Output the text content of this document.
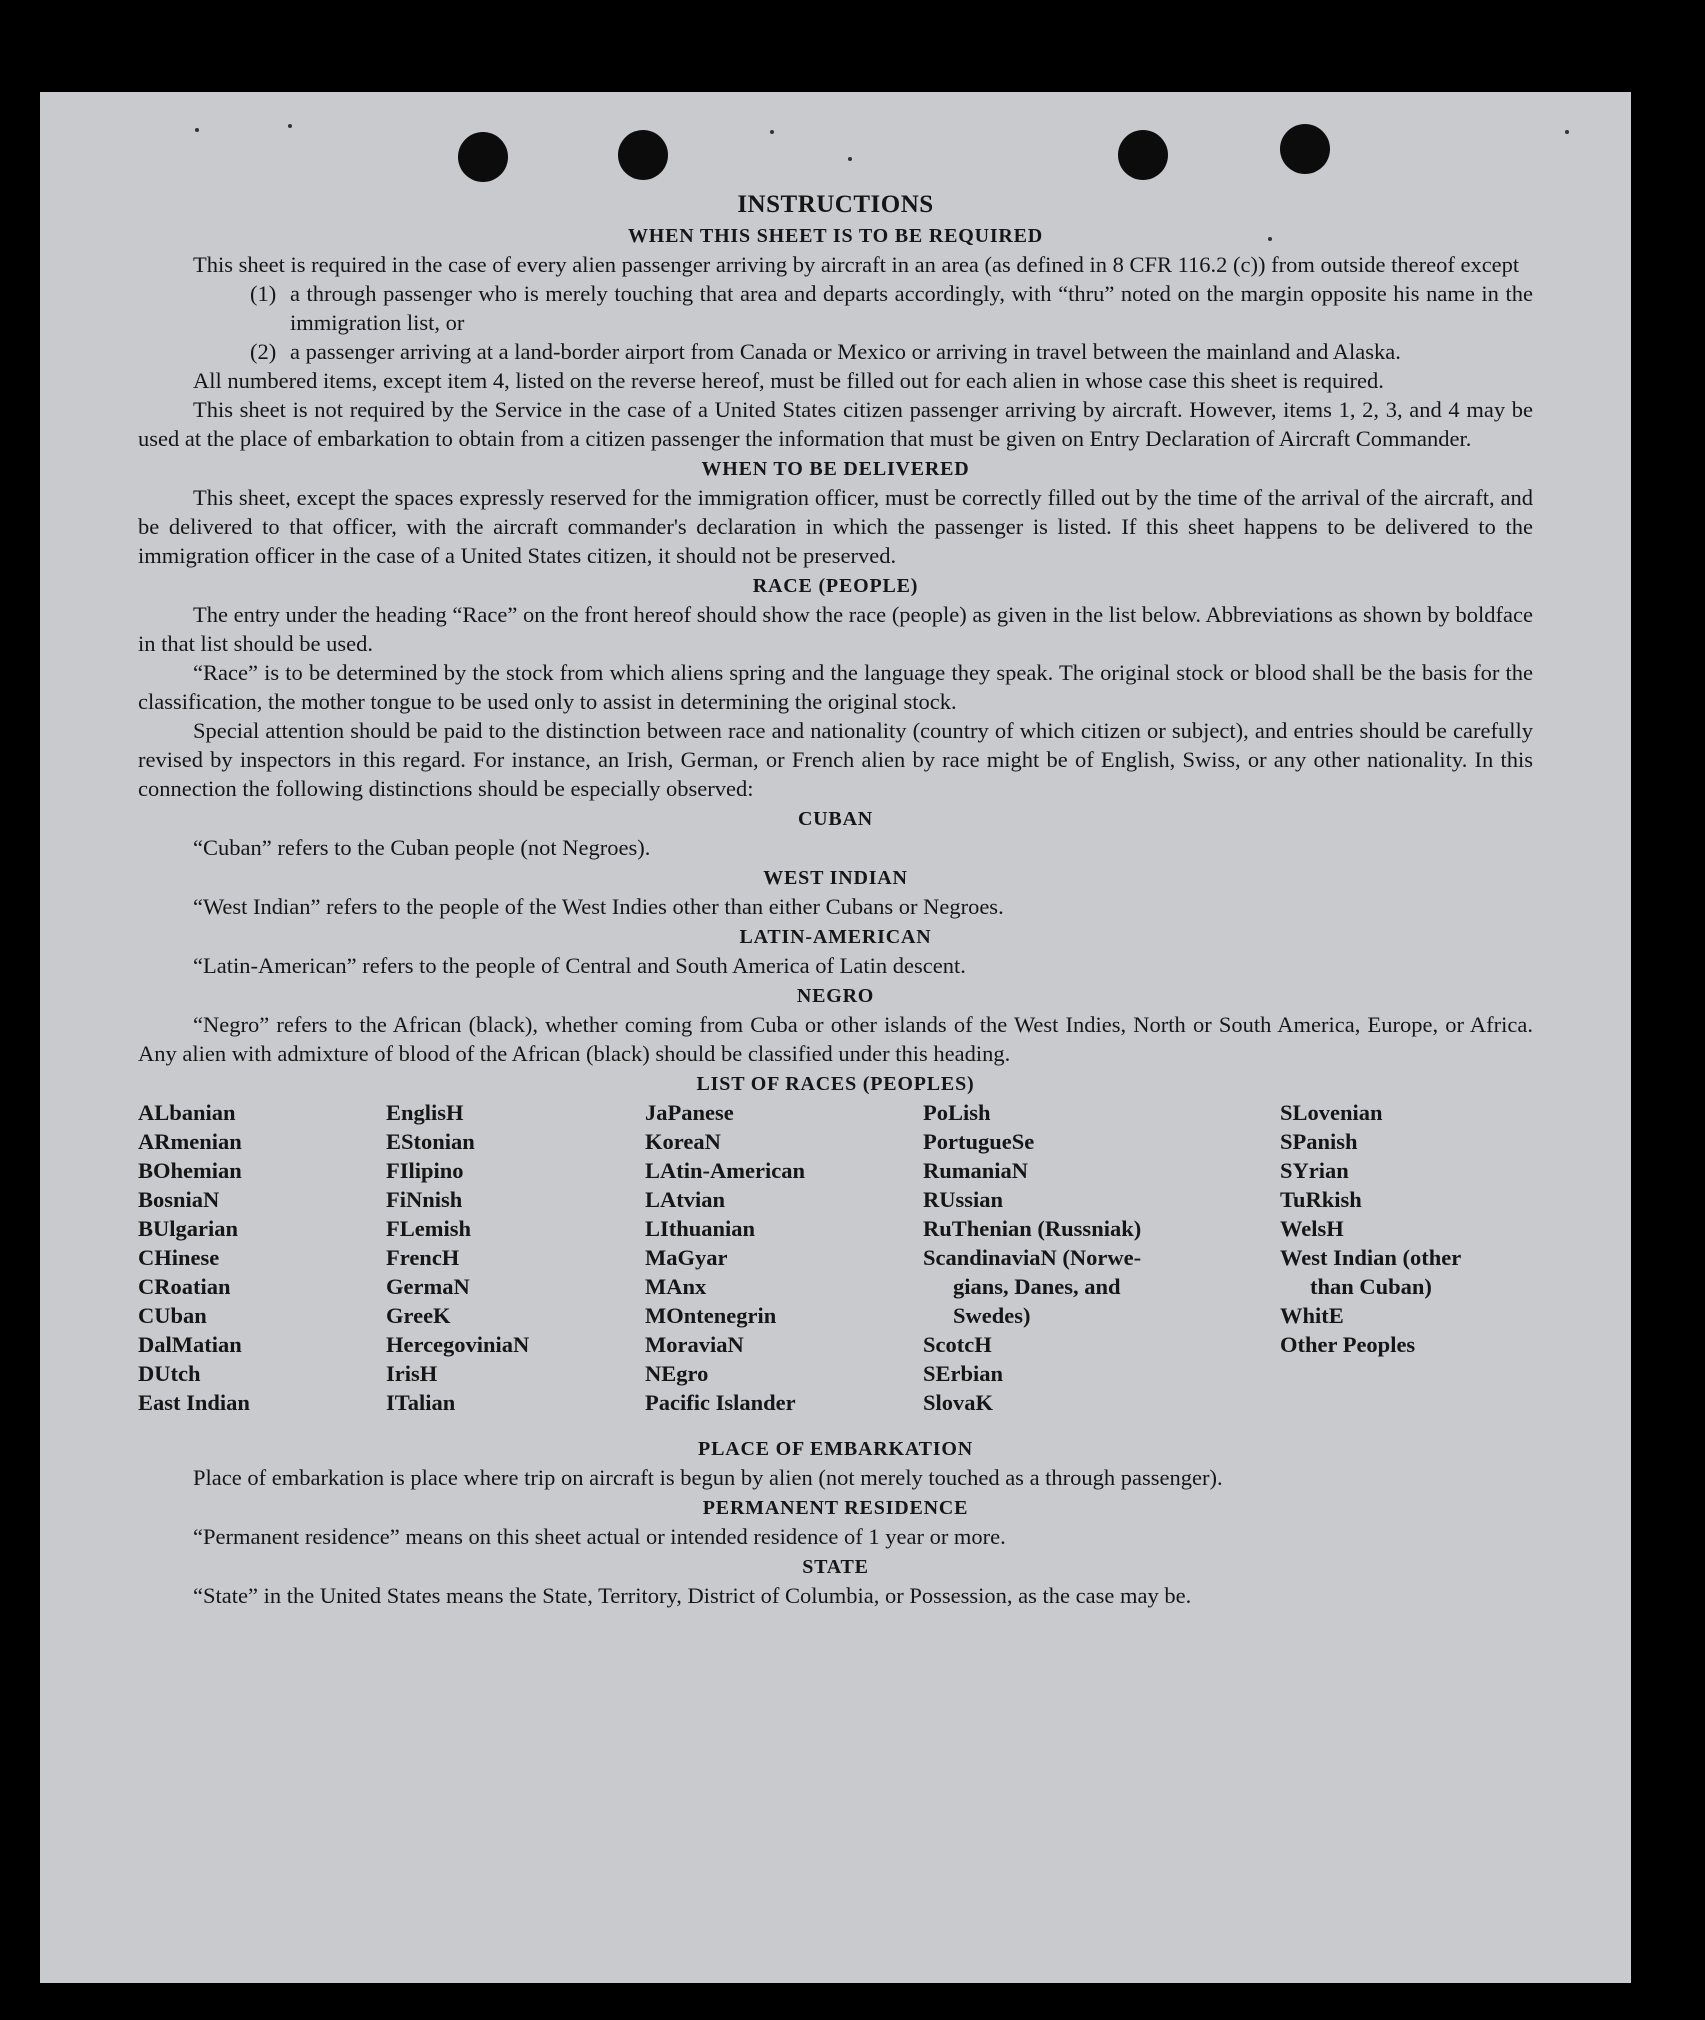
INSTRUCTIONS
WHEN THIS SHEET IS TO BE REQUIRED

This sheet is required in the case of every alien passenger arriving by aircraft in an area (as defined in 8 CFR 116.2 (c)) from outside thereof except

(1) a through passenger who is merely touching that area and departs accordingly, with “thru” noted on the margin opposite his name in the immigration list, or
(2) a passenger arriving at a land-border airport from Canada or Mexico or arriving in travel between the mainland and Alaska.

All numbered items, except item 4, listed on the reverse hereof, must be filled out for each alien in whose case this sheet is required.

This sheet is not required by the Service in the case of a United States citizen passenger arriving by aircraft. However, items 1, 2, 3, and 4 may be used at the place of embarkation to obtain from a citizen passenger the information that must be given on Entry Declaration of Aircraft Commander.

WHEN TO BE DELIVERED

This sheet, except the spaces expressly reserved for the immigration officer, must be correctly filled out by the time of the arrival of the aircraft, and be delivered to that officer, with the aircraft commander's declaration in which the passenger is listed. If this sheet happens to be delivered to the immigration officer in the case of a United States citizen, it should not be preserved.

RACE (PEOPLE)

The entry under the heading “Race” on the front hereof should show the race (people) as given in the list below. Abbreviations as shown by boldface in that list should be used.

“Race” is to be determined by the stock from which aliens spring and the language they speak. The original stock or blood shall be the basis for the classification, the mother tongue to be used only to assist in determining the original stock.

Special attention should be paid to the distinction between race and nationality (country of which citizen or subject), and entries should be carefully revised by inspectors in this regard. For instance, an Irish, German, or French alien by race might be of English, Swiss, or any other nationality. In this connection the following distinctions should be especially observed:

CUBAN

“Cuban” refers to the Cuban people (not Negroes).

WEST INDIAN

“West Indian” refers to the people of the West Indies other than either Cubans or Negroes.

LATIN-AMERICAN

“Latin-American” refers to the people of Central and South America of Latin descent.

NEGRO

“Negro” refers to the African (black), whether coming from Cuba or other islands of the West Indies, North or South America, Europe, or Africa. Any alien with admixture of blood of the African (black) should be classified under this heading.

LIST OF RACES (PEOPLES)
ALbanian
ARmenian
BOhemian
BosniaN
BUlgarian
CHinese
CRoatian
CUban
DalMatian
DUtch
East Indian
EnglisH
EStonian
FIlipino
FiNnish
FLemish
FrencH
GermaN
GreeK
HercegoviniaN
IrisH
ITalian
JaPanese
KoreaN
LAtin-American
LAtvian
LIthuanian
MaGyar
MAnx
MOntenegrin
MoraviaN
NEgro
Pacific Islander
PoLish
PortugueSe
RumaniaN
RUssian
RuThenian (Russniak)
ScandinaviaN (Norwe-
gians, Danes, and
Swedes)
ScotcH
SErbian
SlovaK
SLovenian
SPanish
SYrian
TuRkish
WelsH
West Indian (other
than Cuban)
WhitE
Other Peoples
PLACE OF EMBARKATION

Place of embarkation is place where trip on aircraft is begun by alien (not merely touched as a through passenger).

PERMANENT RESIDENCE

“Permanent residence” means on this sheet actual or intended residence of 1 year or more.

STATE

“State” in the United States means the State, Territory, District of Columbia, or Possession, as the case may be.
